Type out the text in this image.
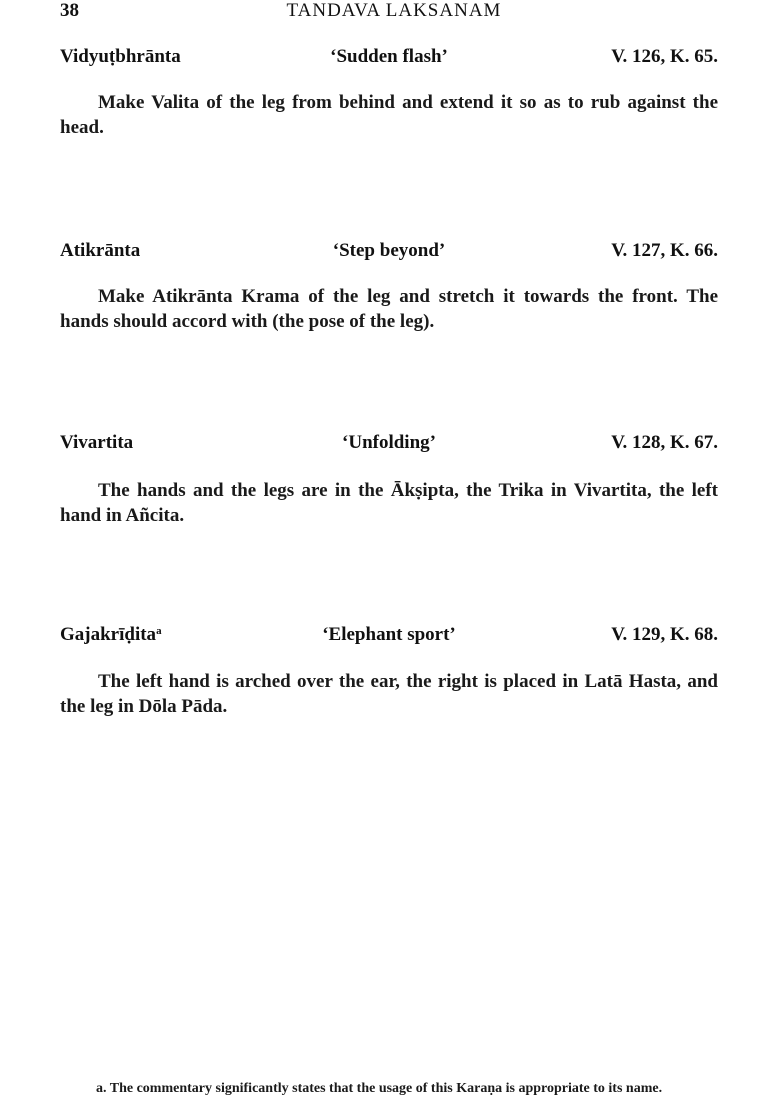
38	TANDAVA LAKSANAM
Vidyuṭbhrānta	‘Sudden flash’	V. 126, K. 65.

Make Valita of the leg from behind and extend it so as to rub against the head.

Atikrānta	‘Step beyond’	V. 127, K. 66.

Make Atikrānta Krama of the leg and stretch it towards the front. The hands should accord with (the pose of the leg).

Vivartita	‘Unfolding’	V. 128, K. 67.

The hands and the legs are in the Ākṣipta, the Trika in Vivartita, the left hand in Añcita.

Gajakrīḍita$^a$	‘Elephant sport’	V. 129, K. 68.

The left hand is arched over the ear, the right is placed in Latā Hasta, and the leg in Dōla Pāda.

a. The commentary significantly states that the usage of this Karaṇa is appropriate to its name.
